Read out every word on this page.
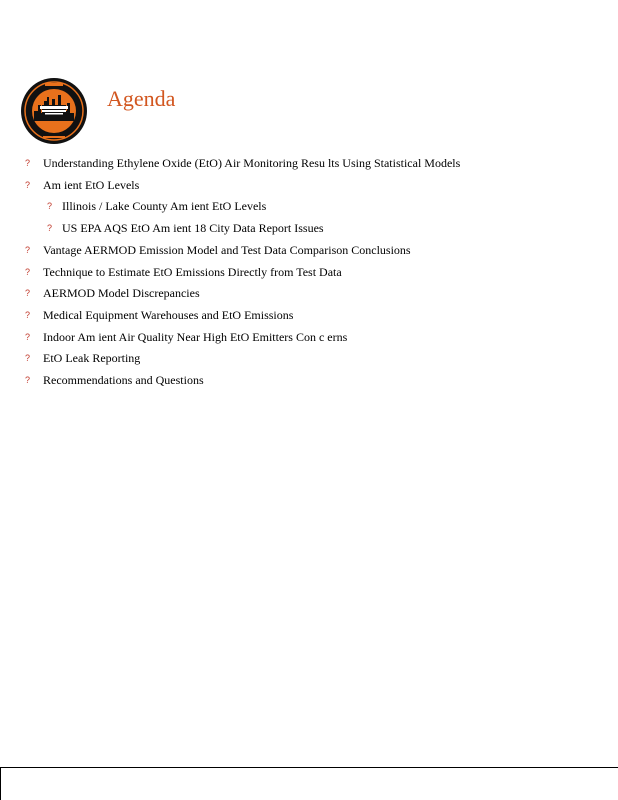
Agenda
? Understanding Ethylene Oxide (EtO) Air Monitoring Resu lts Using Statistical Models
? Am ient EtO Levels
? Illinois / Lake County Am ient EtO Levels
? US EPA AQS EtO Am ient 18 City Data Report Issues
? Vantage AERMOD Emission Model and Test Data Comparison Conclusions
? Technique to Estimate EtO Emissions Directly from Test Data
? AERMOD Model Discrepancies
? Medical Equipment Warehouses and EtO Emissions
? Indoor Am ient Air Quality Near High EtO Emitters Con c erns
? EtO Leak Reporting
? Recommendations and Questions
